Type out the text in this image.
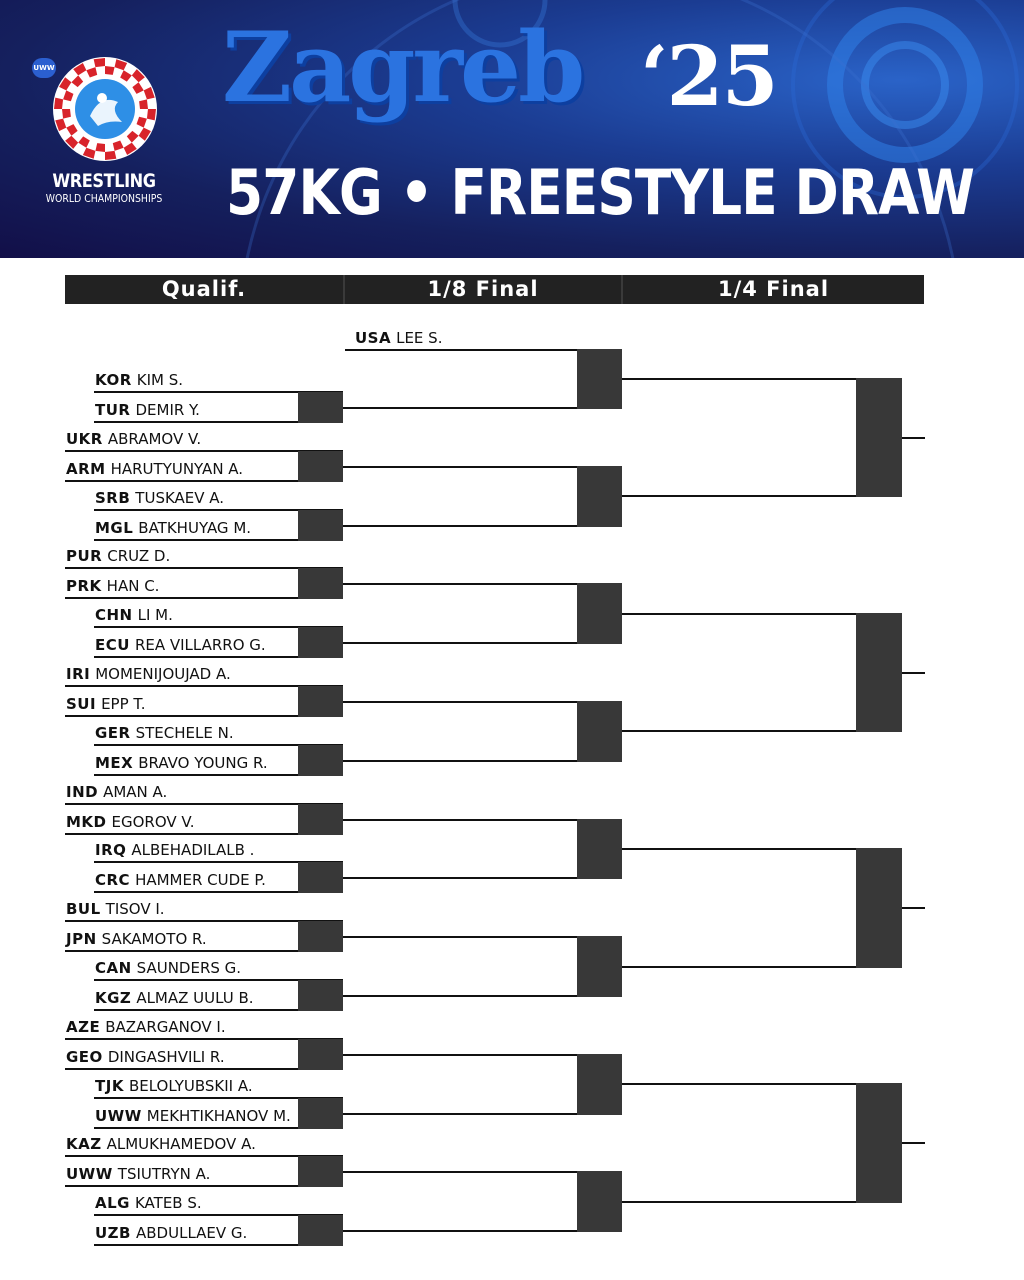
UWW
WRESTLING
WORLD CHAMPIONSHIPS
Zagreb ‘25
57KG • FREESTYLE DRAW
Qualif.	1/8 Final	1/4 Final
USA LEE S.
KOR KIM S.
TUR DEMIR Y.
UKR ABRAMOV V.
ARM HARUTYUNYAN A.
SRB TUSKAEV A.
MGL BATKHUYAG M.
PUR CRUZ D.
PRK HAN C.
CHN LI M.
ECU REA VILLARRO G.
IRI MOMENIJOUJAD A.
SUI EPP T.
GER STECHELE N.
MEX BRAVO YOUNG R.
IND AMAN A.
MKD EGOROV V.
IRQ ALBEHADILALB .
CRC HAMMER CUDE P.
BUL TISOV I.
JPN SAKAMOTO R.
CAN SAUNDERS G.
KGZ ALMAZ UULU B.
AZE BAZARGANOV I.
GEO DINGASHVILI R.
TJK BELOLYUBSKII A.
UWW MEKHTIKHANOV M.
KAZ ALMUKHAMEDOV A.
UWW TSIUTRYN A.
ALG KATEB S.
UZB ABDULLAEV G.
